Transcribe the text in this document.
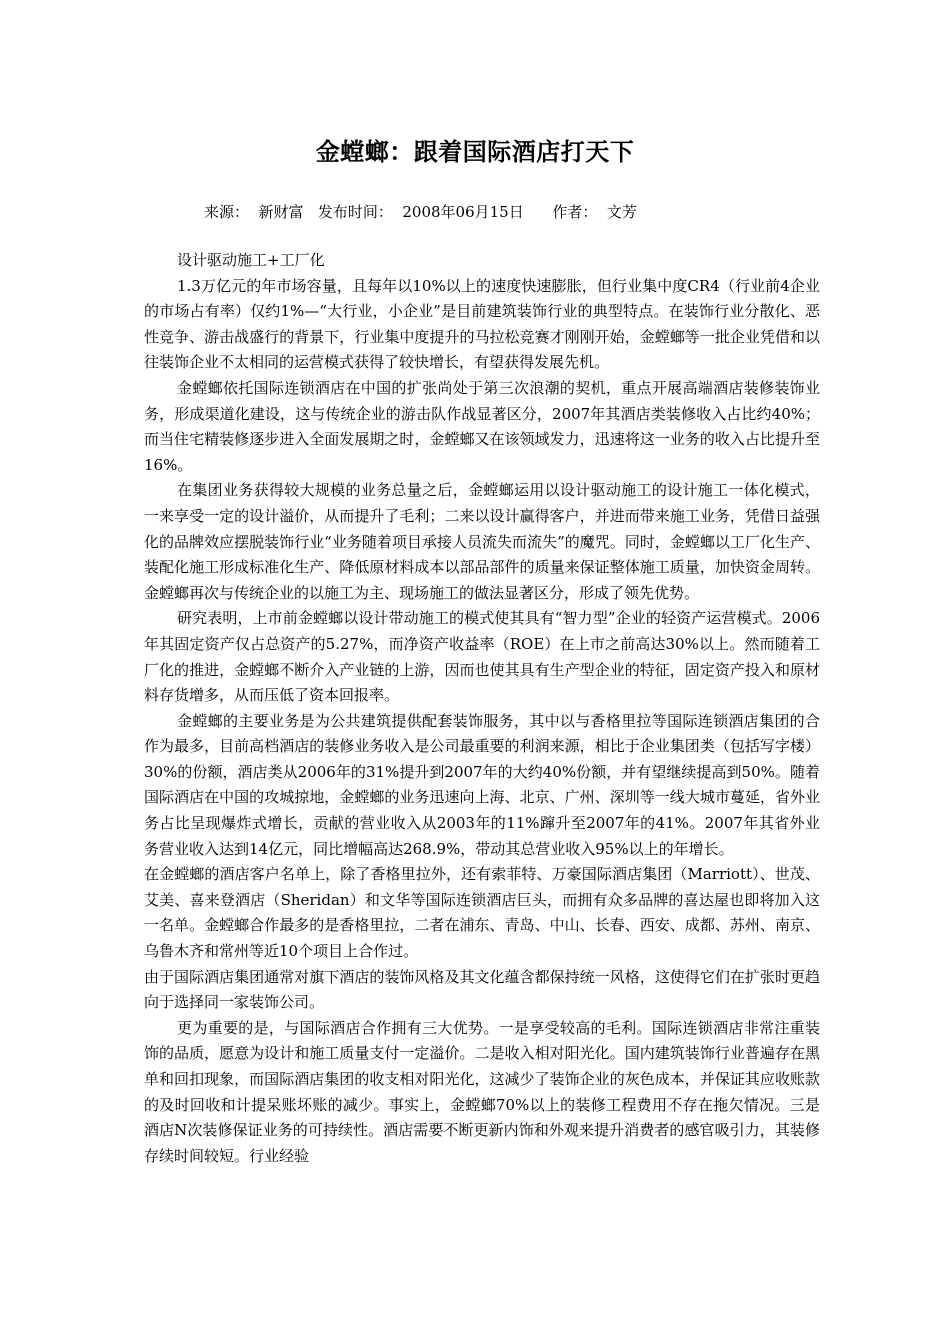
金螳螂：跟着国际酒店打天下
来源：  新财富   发布时间：  2008年06月15日      作者：  文芳

设计驱动施工+工厂化

1.3万亿元的年市场容量，且每年以10%以上的速度快速膨胀，但行业集中度CR4（行业前4企业的市场占有率）仅约1%—“大行业，小企业”是目前建筑装饰行业的典型特点。在装饰行业分散化、恶性竞争、游击战盛行的背景下，行业集中度提升的马拉松竞赛才刚刚开始，金螳螂等一批企业凭借和以往装饰企业不太相同的运营模式获得了较快增长，有望获得发展先机。

金螳螂依托国际连锁酒店在中国的扩张尚处于第三次浪潮的契机，重点开展高端酒店装修装饰业务，形成渠道化建设，这与传统企业的游击队作战显著区分，2007年其酒店类装修收入占比约40%；而当住宅精装修逐步进入全面发展期之时，金螳螂又在该领域发力，迅速将这一业务的收入占比提升至16%。

在集团业务获得较大规模的业务总量之后，金螳螂运用以设计驱动施工的设计施工一体化模式，一来享受一定的设计溢价，从而提升了毛利；二来以设计赢得客户，并进而带来施工业务，凭借日益强化的品牌效应摆脱装饰行业“业务随着项目承接人员流失而流失”的魔咒。同时，金螳螂以工厂化生产、装配化施工形成标准化生产、降低原材料成本以部品部件的质量来保证整体施工质量，加快资金周转。金螳螂再次与传统企业的以施工为主、现场施工的做法显著区分，形成了领先优势。

研究表明，上市前金螳螂以设计带动施工的模式使其具有“智力型”企业的轻资产运营模式。2006年其固定资产仅占总资产的5.27%，而净资产收益率（ROE）在上市之前高达30%以上。然而随着工厂化的推进，金螳螂不断介入产业链的上游，因而也使其具有生产型企业的特征，固定资产投入和原材料存货增多，从而压低了资本回报率。

金螳螂的主要业务是为公共建筑提供配套装饰服务，其中以与香格里拉等国际连锁酒店集团的合作为最多，目前高档酒店的装修业务收入是公司最重要的利润来源，相比于企业集团类（包括写字楼）30%的份额，酒店类从2006年的31%提升到2007年的大约40%份额，并有望继续提高到50%。随着国际酒店在中国的攻城掠地，金螳螂的业务迅速向上海、北京、广州、深圳等一线大城市蔓延，省外业务占比呈现爆炸式增长，贡献的营业收入从2003年的11%蹿升至2007年的41%。2007年其省外业务营业收入达到14亿元，同比增幅高达268.9%，带动其总营业收入95%以上的年增长。

在金螳螂的酒店客户名单上，除了香格里拉外，还有索菲特、万豪国际酒店集团（Marriott）、世茂、艾美、喜来登酒店（Sheridan）和文华等国际连锁酒店巨头，而拥有众多品牌的喜达屋也即将加入这一名单。金螳螂合作最多的是香格里拉，二者在浦东、青岛、中山、长春、西安、成都、苏州、南京、乌鲁木齐和常州等近10个项目上合作过。

由于国际酒店集团通常对旗下酒店的装饰风格及其文化蕴含都保持统一风格，这使得它们在扩张时更趋向于选择同一家装饰公司。

更为重要的是，与国际酒店合作拥有三大优势。一是享受较高的毛利。国际连锁酒店非常注重装饰的品质，愿意为设计和施工质量支付一定溢价。二是收入相对阳光化。国内建筑装饰行业普遍存在黑单和回扣现象，而国际酒店集团的收支相对阳光化，这减少了装饰企业的灰色成本，并保证其应收账款的及时回收和计提呆账坏账的减少。事实上，金螳螂70%以上的装修工程费用不存在拖欠情况。三是酒店N次装修保证业务的可持续性。酒店需要不断更新内饰和外观来提升消费者的感官吸引力，其装修存续时间较短。行业经验
